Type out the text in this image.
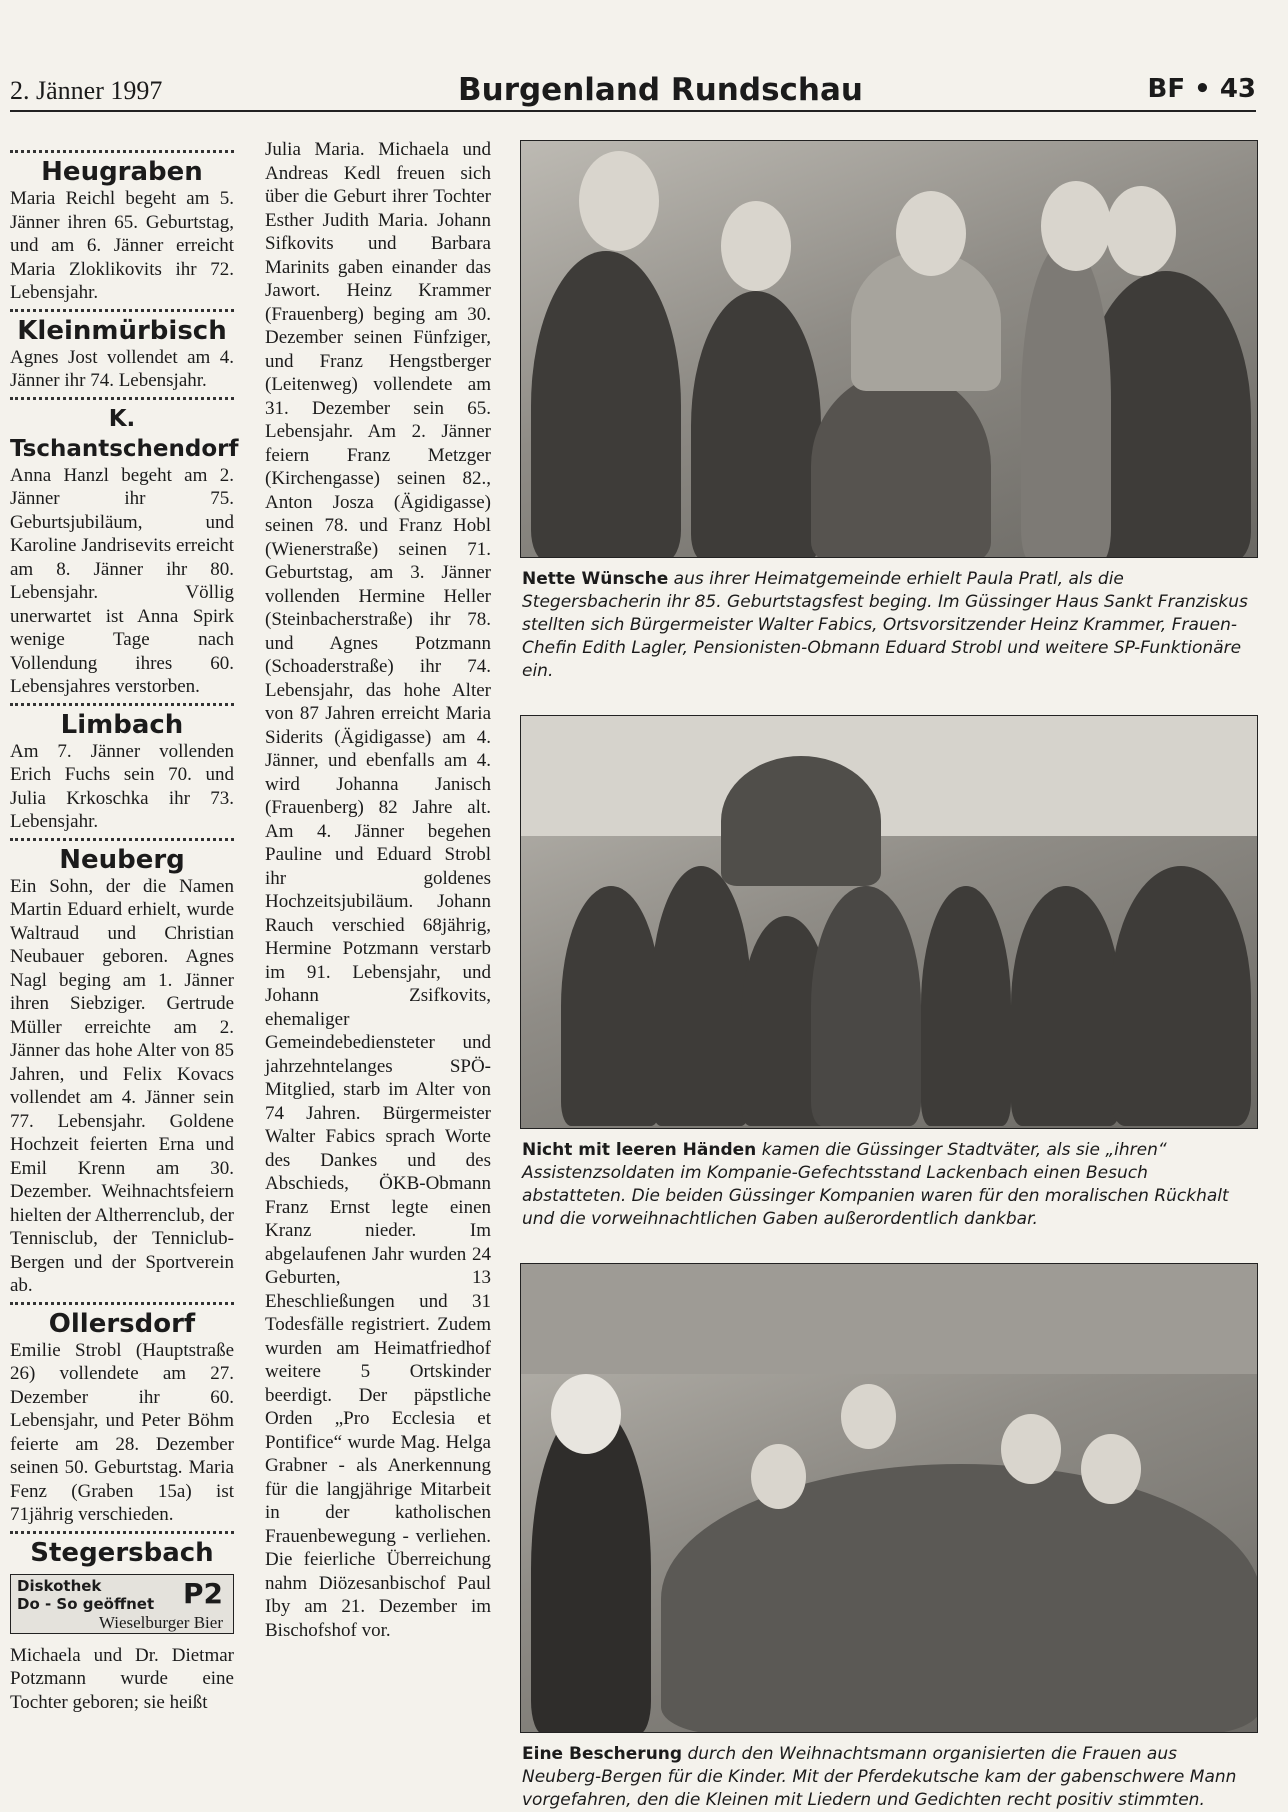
2. Jänner 1997	Burgenland Rundschau	BF • 43
Heugraben

Maria Reichl begeht am 5. Jänner ihren 65. Geburtstag, und am 6. Jänner erreicht Maria Zloklikovits ihr 72. Lebensjahr.

Kleinmürbisch

Agnes Jost vollendet am 4. Jänner ihr 74. Lebensjahr.

K. Tschantschendorf

Anna Hanzl begeht am 2. Jänner ihr 75. Geburtsjubiläum, und Karoline Jandrisevits erreicht am 8. Jänner ihr 80. Lebensjahr. Völlig unerwartet ist Anna Spirk wenige Tage nach Vollendung ihres 60. Lebensjahres verstorben.

Limbach

Am 7. Jänner vollenden Erich Fuchs sein 70. und Julia Krkoschka ihr 73. Lebensjahr.

Neuberg

Ein Sohn, der die Namen Martin Eduard erhielt, wurde Waltraud und Christian Neubauer geboren. Agnes Nagl beging am 1. Jänner ihren Siebziger. Gertrude Müller erreichte am 2. Jänner das hohe Alter von 85 Jahren, und Felix Kovacs vollendet am 4. Jänner sein 77. Lebensjahr. Goldene Hochzeit feierten Erna und Emil Krenn am 30. Dezember. Weihnachtsfeiern hielten der Altherrenclub, der Tennisclub, der Tenniclub-Bergen und der Sportverein ab.

Ollersdorf

Emilie Strobl (Hauptstraße 26) vollendete am 27. Dezember ihr 60. Lebensjahr, und Peter Böhm feierte am 28. Dezember seinen 50. Geburtstag. Maria Fenz (Graben 15a) ist 71jährig verschieden.

Stegersbach
Diskothek
Do - So geöffnet
Wieselburger Bier
P2

Michaela und Dr. Dietmar Potzmann wurde eine Tochter geboren; sie heißt

Julia Maria. Michaela und Andreas Kedl freuen sich über die Geburt ihrer Tochter Esther Judith Maria. Johann Sifkovits und Barbara Marinits gaben einander das Jawort. Heinz Krammer (Frauenberg) beging am 30. Dezember seinen Fünfziger, und Franz Hengstberger (Leitenweg) vollendete am 31. Dezember sein 65. Lebensjahr. Am 2. Jänner feiern Franz Metzger (Kirchengasse) seinen 82., Anton Josza (Ägidigasse) seinen 78. und Franz Hobl (Wienerstraße) seinen 71. Geburtstag, am 3. Jänner vollenden Hermine Heller (Steinbacherstraße) ihr 78. und Agnes Potzmann (Schoaderstraße) ihr 74. Lebensjahr, das hohe Alter von 87 Jahren erreicht Maria Siderits (Ägidigasse) am 4. Jänner, und ebenfalls am 4. wird Johanna Janisch (Frauenberg) 82 Jahre alt. Am 4. Jänner begehen Pauline und Eduard Strobl ihr goldenes Hochzeitsjubiläum. Johann Rauch verschied 68jährig, Hermine Potzmann verstarb im 91. Lebensjahr, und Johann Zsifkovits, ehemaliger Gemeindebediensteter und jahrzehntelanges SPÖ-Mitglied, starb im Alter von 74 Jahren. Bürgermeister Walter Fabics sprach Worte des Dankes und des Abschieds, ÖKB-Obmann Franz Ernst legte einen Kranz nieder. Im abgelaufenen Jahr wurden 24 Geburten, 13 Eheschließungen und 31 Todesfälle registriert. Zudem wurden am Heimatfriedhof weitere 5 Ortskinder beerdigt. Der päpstliche Orden „Pro Ecclesia et Pontifice“ wurde Mag. Helga Grabner - als Anerkennung für die langjährige Mitarbeit in der katholischen Frauenbewegung - verliehen. Die feierliche Überreichung nahm Diözesanbischof Paul Iby am 21. Dezember im Bischofshof vor.

Nette Wünsche aus ihrer Heimatgemeinde erhielt Paula Pratl, als die Stegersbacherin ihr 85. Geburtstagsfest beging. Im Güssinger Haus Sankt Franziskus stellten sich Bürgermeister Walter Fabics, Ortsvorsitzender Heinz Krammer, Frauen-Chefin Edith Lagler, Pensionisten-Obmann Eduard Strobl und weitere SP-Funktionäre ein.

Nicht mit leeren Händen kamen die Güssinger Stadtväter, als sie „ihren“ Assistenzsoldaten im Kompanie-Gefechtsstand Lackenbach einen Besuch abstatteten. Die beiden Güssinger Kompanien waren für den moralischen Rückhalt und die vorweihnachtlichen Gaben außerordentlich dankbar.

Eine Bescherung durch den Weihnachtsmann organisierten die Frauen aus Neuberg-Bergen für die Kinder. Mit der Pferdekutsche kam der gabenschwere Mann vorgefahren, den die Kleinen mit Liedern und Gedichten recht positiv stimmten.
